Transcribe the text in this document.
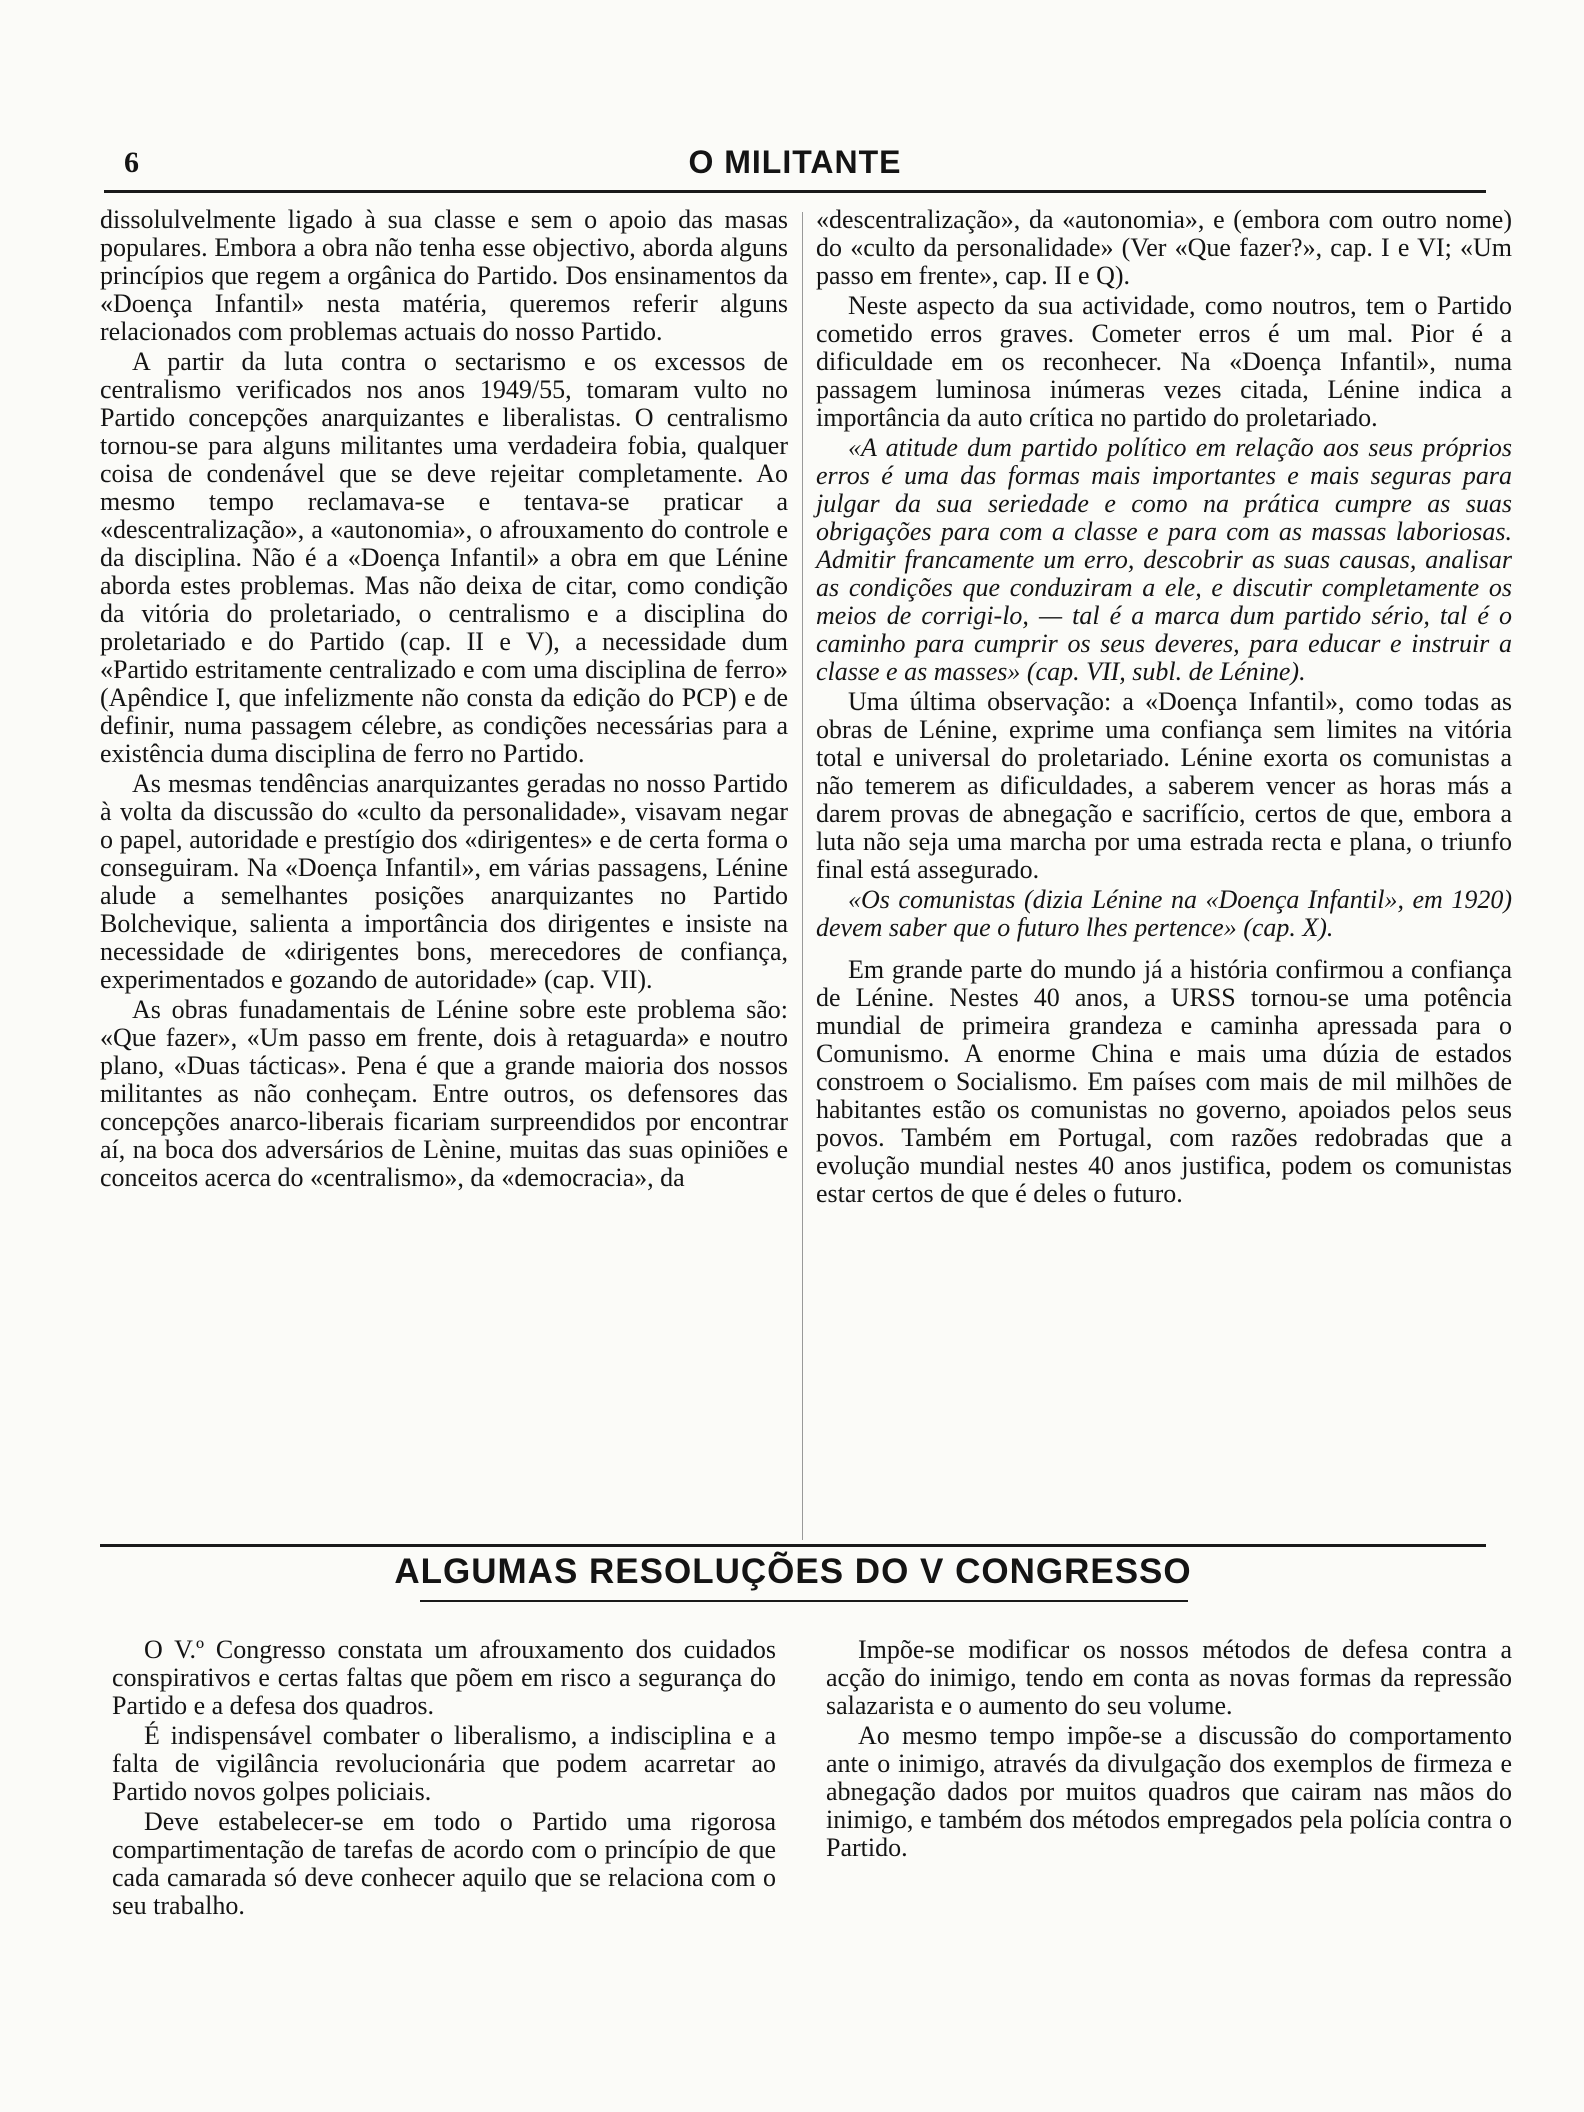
6	O MILITANTE

dissolulvelmente ligado à sua classe e sem o apoio das masas populares. Embora a obra não tenha esse objectivo, aborda alguns princípios que regem a orgânica do Partido. Dos ensinamentos da «Doença Infantil» nesta matéria, queremos referir alguns relacionados com problemas actuais do nosso Partido.

A partir da luta contra o sectarismo e os excessos de centralismo verificados nos anos 1949/55, tomaram vulto no Partido concepções anarquizantes e liberalistas. O centralismo tornou-se para alguns militantes uma verdadeira fobia, qualquer coisa de condenável que se deve rejeitar completamente. Ao mesmo tempo reclamava-se e tentava-se praticar a «descentralização», a «autonomia», o afrouxamento do controle e da disciplina. Não é a «Doença Infantil» a obra em que Lénine aborda estes problemas. Mas não deixa de citar, como condição da vitória do proletariado, o centralismo e a disciplina do proletariado e do Partido (cap. II e V), a necessidade dum «Partido estritamente centralizado e com uma disciplina de ferro» (Apêndice I, que infelizmente não consta da edição do PCP) e de definir, numa passagem célebre, as condições necessárias para a existência duma disciplina de ferro no Partido.

As mesmas tendências anarquizantes geradas no nosso Partido à volta da discussão do «culto da personalidade», visavam negar o papel, autoridade e prestígio dos «dirigentes» e de certa forma o conseguiram. Na «Doença Infantil», em várias passagens, Lénine alude a semelhantes posições anarquizantes no Partido Bolchevique, salienta a importância dos dirigentes e insiste na necessidade de «dirigentes bons, merecedores de confiança, experimentados e gozando de autoridade» (cap. VII).

As obras funadamentais de Lénine sobre este problema são: «Que fazer», «Um passo em frente, dois à retaguarda» e noutro plano, «Duas tácticas». Pena é que a grande maioria dos nossos militantes as não conheçam. Entre outros, os defensores das concepções anarco-liberais ficariam surpreendidos por encontrar aí, na boca dos adversários de Lènine, muitas das suas opiniões e conceitos acerca do «centralismo», da «democracia», da

«descentralização», da «autonomia», e (embora com outro nome) do «culto da personalidade» (Ver «Que fazer?», cap. I e VI; «Um passo em frente», cap. II e Q).

Neste aspecto da sua actividade, como noutros, tem o Partido cometido erros graves. Cometer erros é um mal. Pior é a dificuldade em os reconhecer. Na «Doença Infantil», numa passagem luminosa inúmeras vezes citada, Lénine indica a importância da auto crítica no partido do proletariado.

«A atitude dum partido político em relação aos seus próprios erros é uma das formas mais importantes e mais seguras para julgar da sua seriedade e como na prática cumpre as suas obrigações para com a classe e para com as massas laboriosas. Admitir francamente um erro, descobrir as suas causas, analisar as condições que conduziram a ele, e discutir completamente os meios de corrigi-lo, — tal é a marca dum partido sério, tal é o caminho para cumprir os seus deveres, para educar e instruir a classe e as masses» (cap. VII, subl. de Lénine).

Uma última observação: a «Doença Infantil», como todas as obras de Lénine, exprime uma confiança sem limites na vitória total e universal do proletariado. Lénine exorta os comunistas a não temerem as dificuldades, a saberem vencer as horas más a darem provas de abnegação e sacrifício, certos de que, embora a luta não seja uma marcha por uma estrada recta e plana, o triunfo final está assegurado.

«Os comunistas (dizia Lénine na «Doença Infantil», em 1920) devem saber que o futuro lhes pertence» (cap. X).

Em grande parte do mundo já a história confirmou a confiança de Lénine. Nestes 40 anos, a URSS tornou-se uma potência mundial de primeira grandeza e caminha apressada para o Comunismo. A enorme China e mais uma dúzia de estados constroem o Socialismo. Em países com mais de mil milhões de habitantes estão os comunistas no governo, apoiados pelos seus povos. Também em Portugal, com razões redobradas que a evolução mundial nestes 40 anos justifica, podem os comunistas estar certos de que é deles o futuro.

ALGUMAS RESOLUÇÕES DO V CONGRESSO

O V.º Congresso constata um afrouxamento dos cuidados conspirativos e certas faltas que põem em risco a segurança do Partido e a defesa dos quadros.

É indispensável combater o liberalismo, a indisciplina e a falta de vigilância revolucionária que podem acarretar ao Partido novos golpes policiais.

Deve estabelecer-se em todo o Partido uma rigorosa compartimentação de tarefas de acordo com o princípio de que cada camarada só deve conhecer aquilo que se relaciona com o seu trabalho.

Impõe-se modificar os nossos métodos de defesa contra a acção do inimigo, tendo em conta as novas formas da repressão salazarista e o aumento do seu volume.

Ao mesmo tempo impõe-se a discussão do comportamento ante o inimigo, através da divulgação dos exemplos de firmeza e abnegação dados por muitos quadros que cairam nas mãos do inimigo, e também dos métodos empregados pela polícia contra o Partido.
